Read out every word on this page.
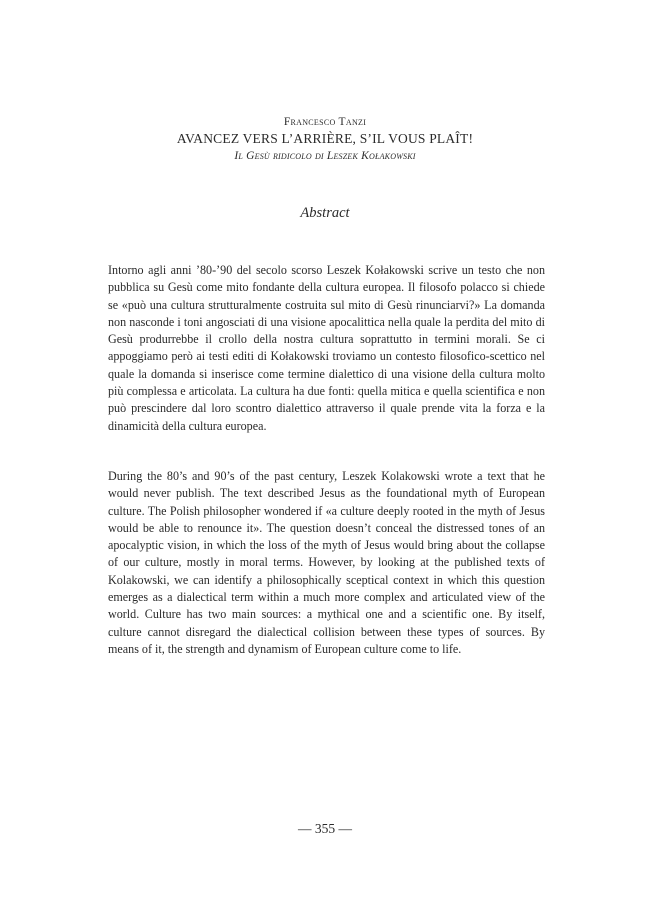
Francesco Tanzi
AVANCEZ VERS L’ARRIÈRE, S’IL VOUS PLAÎT!
Il Gesù ridicolo di Leszek Kołakowski
Abstract

Intorno agli anni ’80-’90 del secolo scorso Leszek Kołakowski scrive un testo che non pubblica su Gesù come mito fondante della cultura europea. Il filosofo polacco si chiede se «può una cultura strutturalmente costruita sul mito di Gesù rinunciarvi?» La domanda non nasconde i toni angosciati di una visione apocalittica nella quale la perdita del mito di Gesù produrrebbe il crollo della nostra cultura soprattutto in termini morali. Se ci appoggiamo però ai testi editi di Kołakowski troviamo un contesto filosofico-scettico nel quale la domanda si inserisce come termine dialettico di una visione della cultura molto più complessa e articolata. La cultura ha due fonti: quella mitica e quella scientifica e non può prescindere dal loro scontro dialettico attraverso il quale prende vita la forza e la dinamicità della cultura europea.

During the 80’s and 90’s of the past century, Leszek Kolakowski wrote a text that he would never publish. The text described Jesus as the foundational myth of European culture. The Polish philosopher wondered if «a culture deeply rooted in the myth of Jesus would be able to renounce it». The question doesn’t conceal the distressed tones of an apocalyptic vision, in which the loss of the myth of Jesus would bring about the collapse of our culture, mostly in moral terms. However, by looking at the published texts of Kolakowski, we can identify a philosophically sceptical context in which this question emerges as a dialectical term within a much more complex and articulated view of the world. Culture has two main sources: a mythical one and a scientific one. By itself, culture cannot disregard the dialectical collision between these types of sources. By means of it, the strength and dynamism of European culture come to life.

— 355 —
